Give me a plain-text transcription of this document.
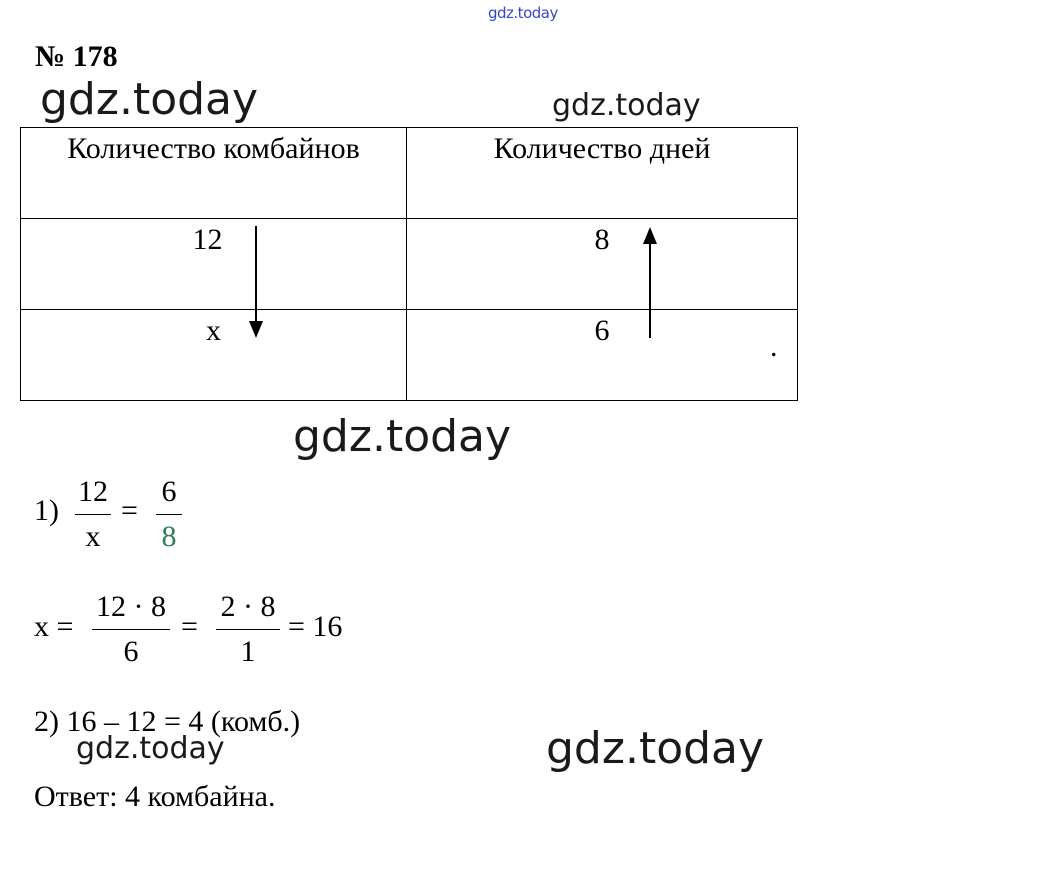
gdz.today
gdz.today	gdz.today
gdz.today
gdz.today	gdz.today
№ 178
Количество комбайнов	Количество дней
12	8
x	6	.
1)
12
x
=
6
8
x =
12 · 8
6
=
2 · 8
1
= 16
2) 16 – 12 = 4 (комб.)
Ответ: 4 комбайна.
